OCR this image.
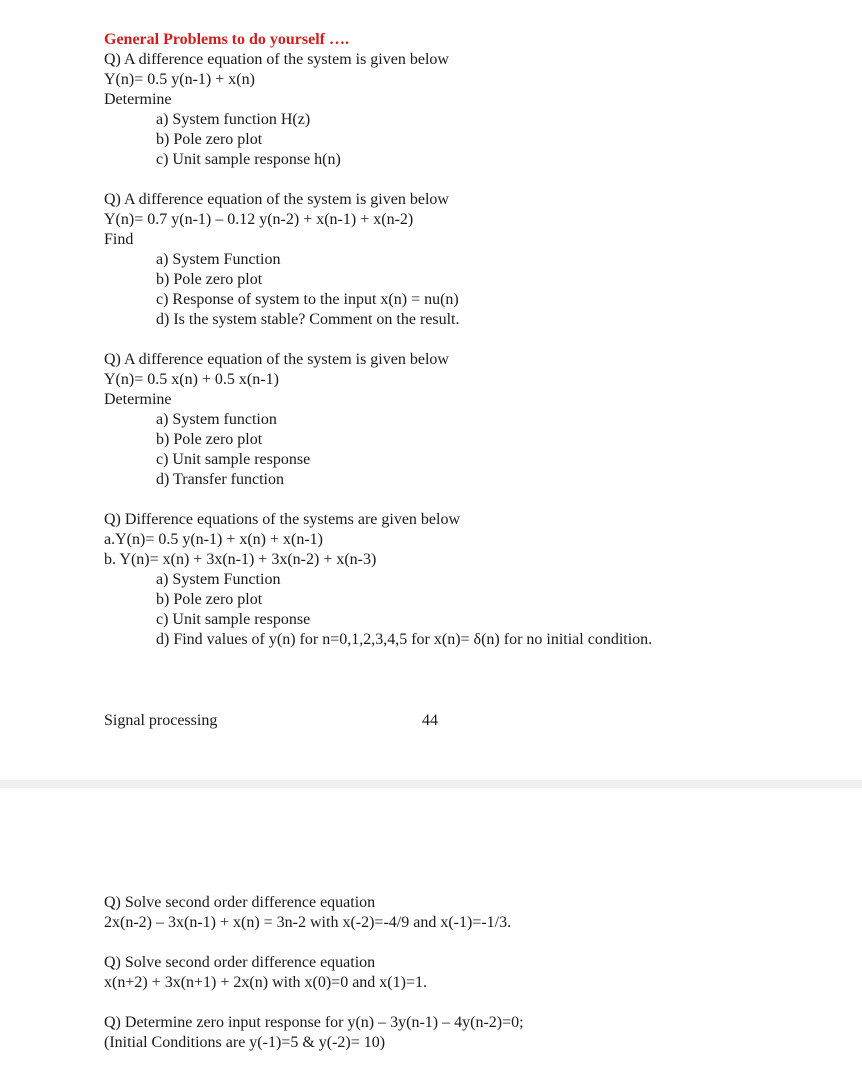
General Problems to do yourself ….
Q) A difference equation of the system is given below
Y(n)= 0.5 y(n-1) + x(n)
Determine
a) System function H(z)
b) Pole zero plot
c) Unit sample response h(n)
Q) A difference equation of the system is given below
Y(n)= 0.7 y(n-1) – 0.12 y(n-2) + x(n-1) + x(n-2)
Find
a) System Function
b) Pole zero plot
c) Response of system to the input x(n) = nu(n)
d) Is the system stable? Comment on the result.
Q) A difference equation of the system is given below
Y(n)= 0.5 x(n) + 0.5 x(n-1)
Determine
a) System function
b) Pole zero plot
c) Unit sample response
d) Transfer function
Q) Difference equations of the systems are given below
a.Y(n)= 0.5 y(n-1) + x(n) + x(n-1)
b. Y(n)= x(n) + 3x(n-1) + 3x(n-2) + x(n-3)
a) System Function
b) Pole zero plot
c) Unit sample response
d) Find values of y(n) for n=0,1,2,3,4,5 for x(n)= δ(n) for no initial condition.
Signal processing	44
Q) Solve second order difference equation
2x(n-2) – 3x(n-1) + x(n) = 3n-2 with x(-2)=-4/9 and x(-1)=-1/3.
Q) Solve second order difference equation
x(n+2) + 3x(n+1) + 2x(n) with x(0)=0 and x(1)=1.
Q) Determine zero input response for y(n) – 3y(n-1) – 4y(n-2)=0;
(Initial Conditions are y(-1)=5 & y(-2)= 10)
